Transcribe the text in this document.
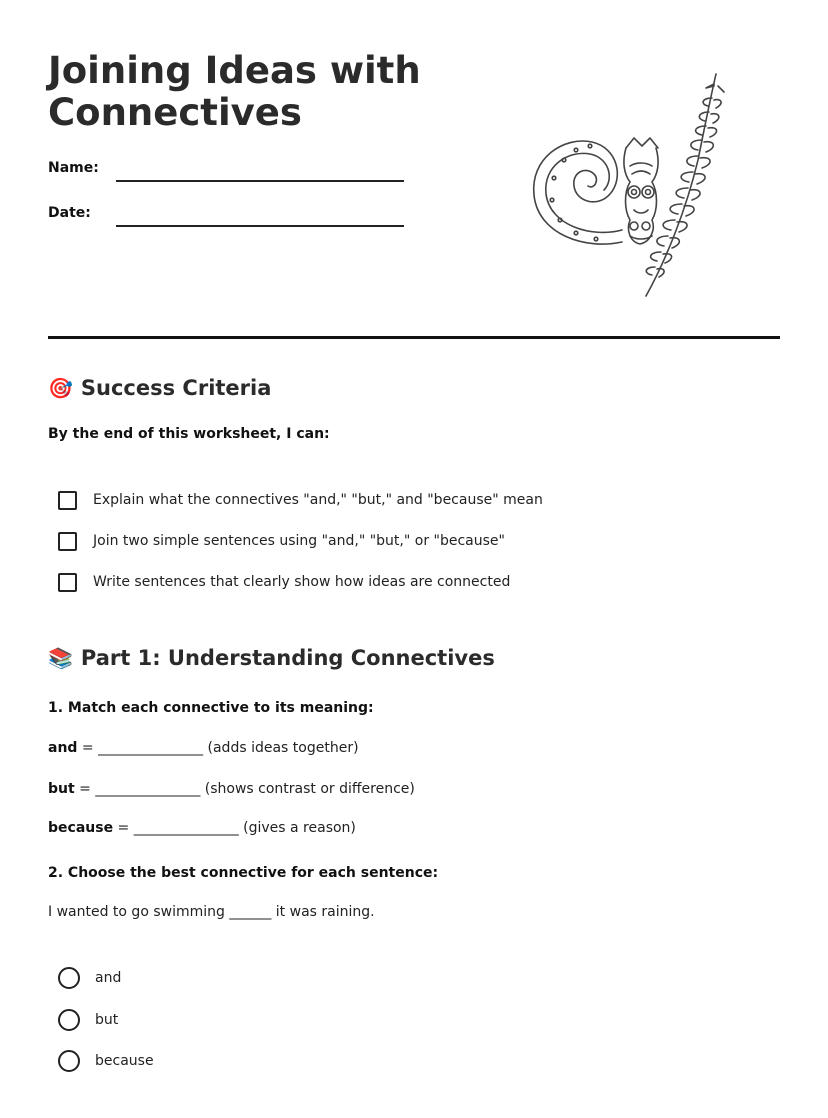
Joining Ideas with Connectives
Name:
Date:
🎯 Success Criteria
By the end of this worksheet, I can:
Explain what the connectives "and," "but," and "because" mean
Join two simple sentences using "and," "but," or "because"
Write sentences that clearly show how ideas are connected
📚 Part 1: Understanding Connectives
1. Match each connective to its meaning:
and = _______________ (adds ideas together)
but = _______________ (shows contrast or difference)
because = _______________ (gives a reason)
2. Choose the best connective for each sentence:
I wanted to go swimming ______ it was raining.
and
but
because
